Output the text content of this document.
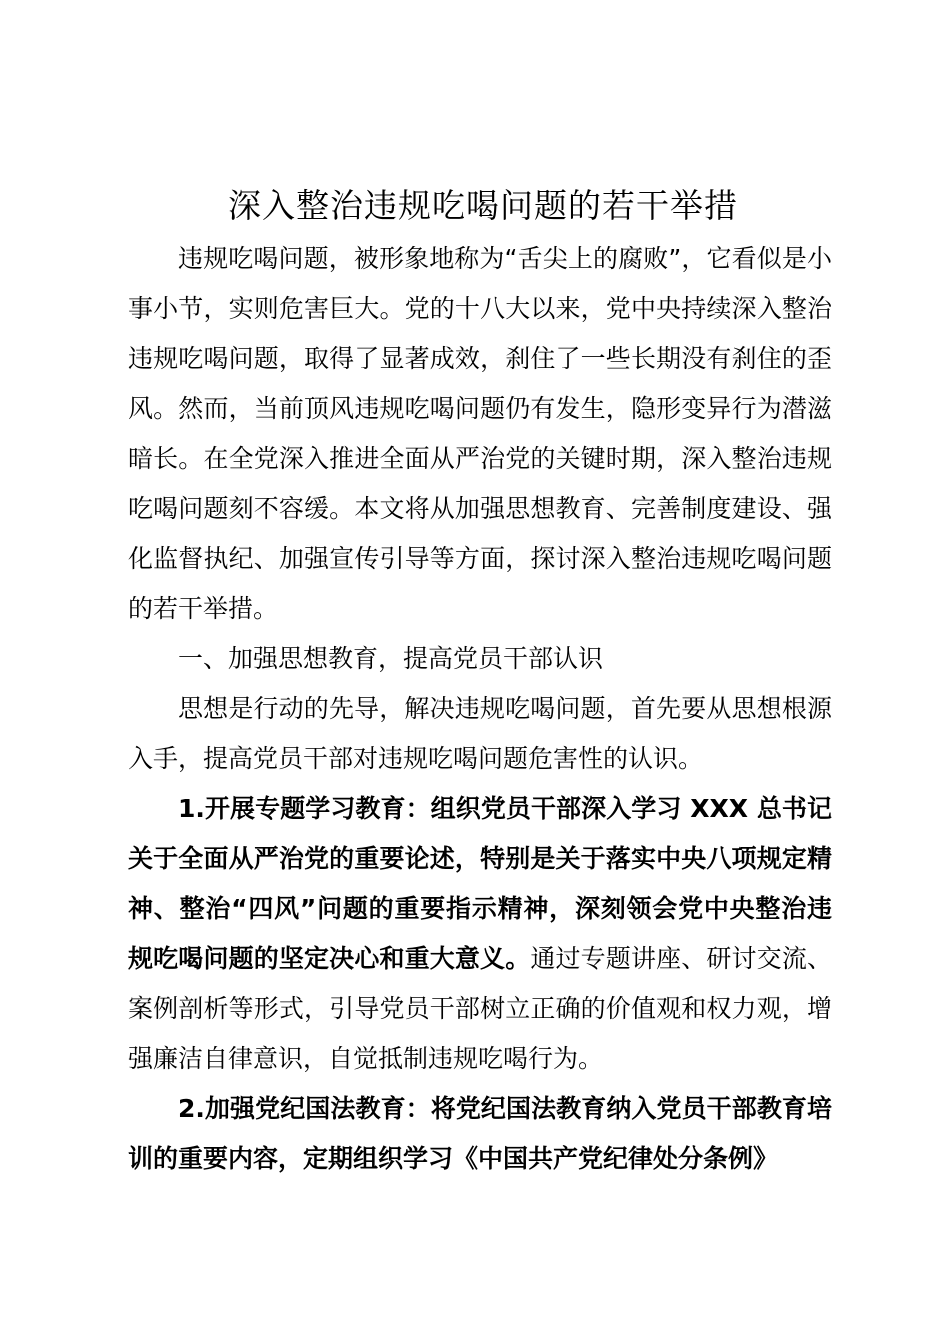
深入整治违规吃喝问题的若干举措

违规吃喝问题，被形象地称为“舌尖上的腐败”，它看似是小事小节，实则危害巨大。党的十八大以来，党中央持续深入整治违规吃喝问题，取得了显著成效，刹住了一些长期没有刹住的歪风。然而，当前顶风违规吃喝问题仍有发生，隐形变异行为潜滋暗长。在全党深入推进全面从严治党的关键时期，深入整治违规吃喝问题刻不容缓。本文将从加强思想教育、完善制度建设、强化监督执纪、加强宣传引导等方面，探讨深入整治违规吃喝问题的若干举措。

一、加强思想教育，提高党员干部认识

思想是行动的先导，解决违规吃喝问题，首先要从思想根源入手，提高党员干部对违规吃喝问题危害性的认识。

1.开展专题学习教育：组织党员干部深入学习 XXX 总书记关于全面从严治党的重要论述，特别是关于落实中央八项规定精神、整治“四风”问题的重要指示精神，深刻领会党中央整治违规吃喝问题的坚定决心和重大意义。通过专题讲座、研讨交流、案例剖析等形式，引导党员干部树立正确的价值观和权力观，增强廉洁自律意识，自觉抵制违规吃喝行为。

2.加强党纪国法教育：将党纪国法教育纳入党员干部教育培训的重要内容，定期组织学习《中国共产党纪律处分条例》
